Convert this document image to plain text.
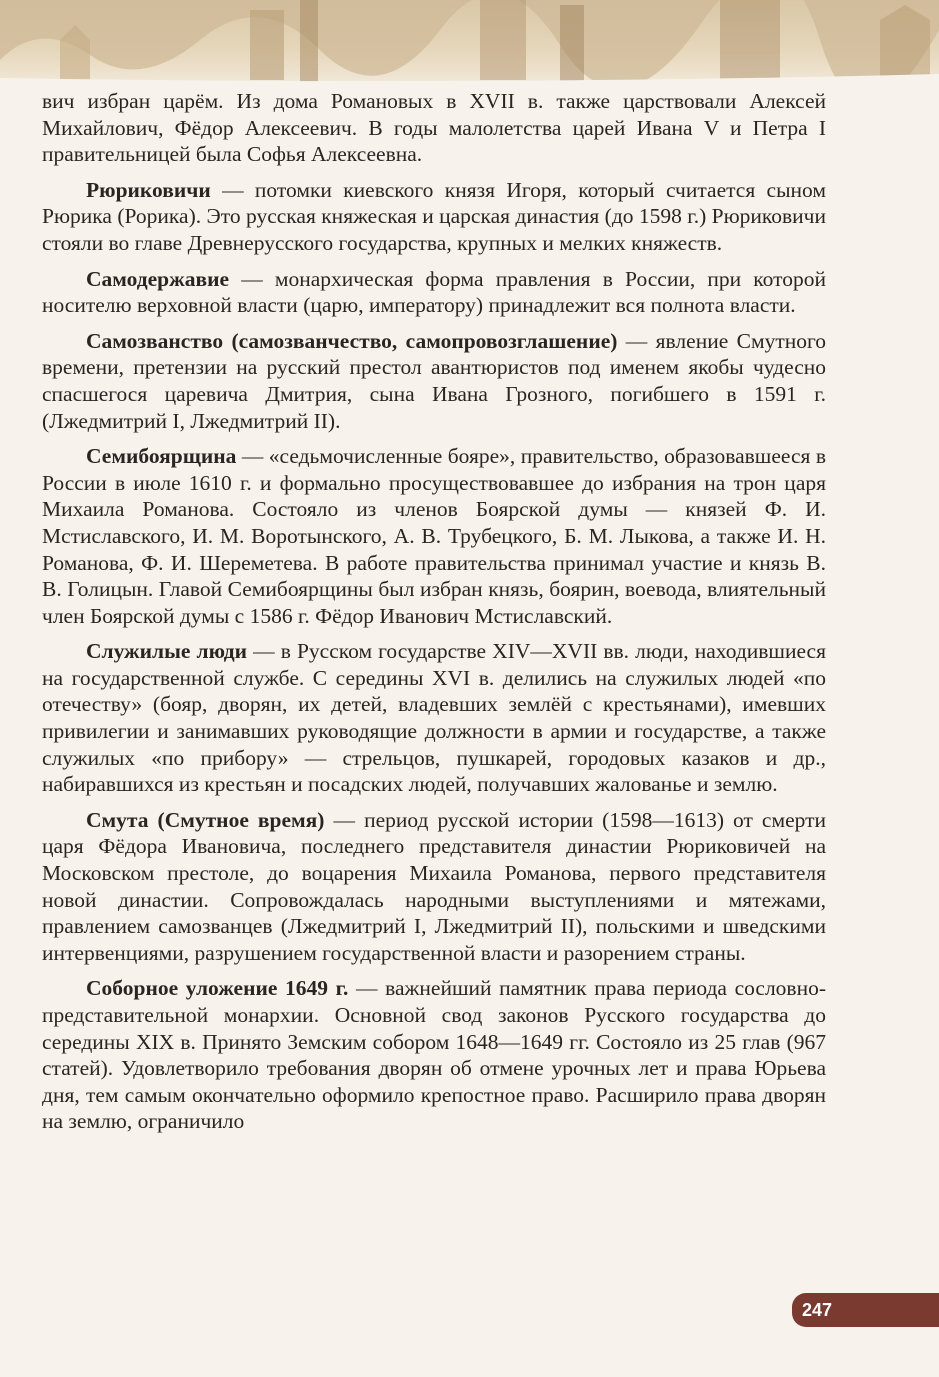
вич избран царём. Из дома Романовых в XVII в. также царствовали Алексей Михайлович, Фёдор Алексеевич. В годы малолетства царей Ивана V и Петра I правительницей была Софья Алексеевна.

Рюриковичи — потомки киевского князя Игоря, который считается сыном Рюрика (Рорика). Это русская княжеская и царская династия (до 1598 г.) Рюриковичи стояли во главе Древнерусского государства, крупных и мелких княжеств.

Самодержавие — монархическая форма правления в России, при которой носителю верховной власти (царю, императору) принадлежит вся полнота власти.

Самозванство (самозванчество, самопровозглашение) — явление Смутного времени, претензии на русский престол авантюристов под именем якобы чудесно спасшегося царевича Дмитрия, сына Ивана Грозного, погибшего в 1591 г. (Лжедмитрий I, Лжедмитрий II).

Семибоярщина — «седьмочисленные бояре», правительство, образовавшееся в России в июле 1610 г. и формально просуществовавшее до избрания на трон царя Михаила Романова. Состояло из членов Боярской думы — князей Ф. И. Мстиславского, И. М. Воротынского, А. В. Трубецкого, Б. М. Лыкова, а также И. Н. Романова, Ф. И. Шереметева. В работе правительства принимал участие и князь В. В. Голицын. Главой Семибоярщины был избран князь, боярин, воевода, влиятельный член Боярской думы с 1586 г. Фёдор Иванович Мстиславский.

Служилые люди — в Русском государстве XIV—XVII вв. люди, находившиеся на государственной службе. С середины XVI в. делились на служилых людей «по отечеству» (бояр, дворян, их детей, владевших землёй с крестьянами), имевших привилегии и занимавших руководящие должности в армии и государстве, а также служилых «по прибору» — стрельцов, пушкарей, городовых казаков и др., набиравшихся из крестьян и посадских людей, получавших жалованье и землю.

Смута (Смутное время) — период русской истории (1598—1613) от смерти царя Фёдора Ивановича, последнего представителя династии Рюриковичей на Московском престоле, до воцарения Михаила Романова, первого представителя новой династии. Сопровождалась народными выступлениями и мятежами, правлением самозванцев (Лжедмитрий I, Лжедмитрий II), польскими и шведскими интервенциями, разрушением государственной власти и разорением страны.

Соборное уложение 1649 г. — важнейший памятник права периода сословно-представительной монархии. Основной свод законов Русского государства до середины XIX в. Принято Земским собором 1648—1649 гг. Состояло из 25 глав (967 статей). Удовлетворило требования дворян об отмене урочных лет и права Юрьева дня, тем самым окончательно оформило крепостное право. Расширило права дворян на землю, ограничило

247
